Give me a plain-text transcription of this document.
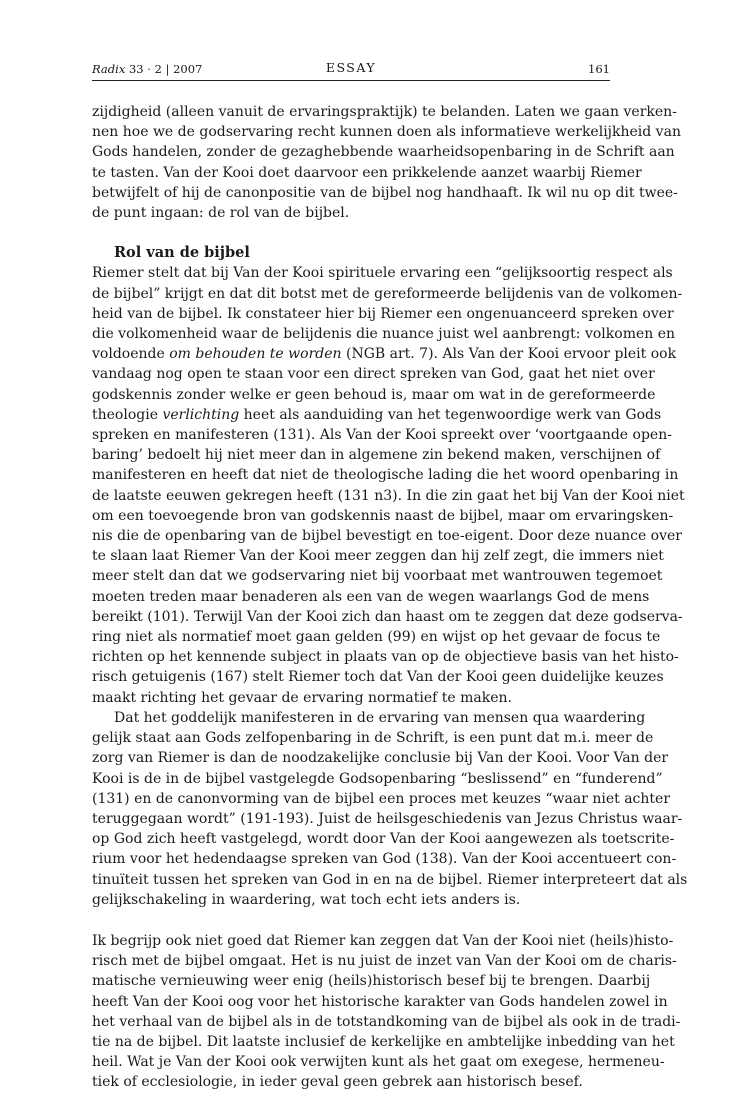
Radix 33 · 2 | 2007	ESSAY	161
zijdigheid (alleen vanuit de ervaringspraktijk) te belanden. Laten we gaan verken-
nen hoe we de godservaring recht kunnen doen als informatieve werkelijkheid van
Gods handelen, zonder de gezaghebbende waarheidsopenbaring in de Schrift aan
te tasten. Van der Kooi doet daarvoor een prikkelende aanzet waarbij Riemer
betwijfelt of hij de canonpositie van de bijbel nog handhaaft. Ik wil nu op dit twee-
de punt ingaan: de rol van de bijbel.
Rol van de bijbel
Riemer stelt dat bij Van der Kooi spirituele ervaring een “gelijksoortig respect als
de bijbel” krijgt en dat dit botst met de gereformeerde belijdenis van de volkomen-
heid van de bijbel. Ik constateer hier bij Riemer een ongenuanceerd spreken over
die volkomenheid waar de belijdenis die nuance juist wel aanbrengt: volkomen en
voldoende om behouden te worden (NGB art. 7). Als Van der Kooi ervoor pleit ook
vandaag nog open te staan voor een direct spreken van God, gaat het niet over
godskennis zonder welke er geen behoud is, maar om wat in de gereformeerde
theologie verlichting heet als aanduiding van het tegenwoordige werk van Gods
spreken en manifesteren (131). Als Van der Kooi spreekt over ‘voortgaande open-
baring’ bedoelt hij niet meer dan in algemene zin bekend maken, verschijnen of
manifesteren en heeft dat niet de theologische lading die het woord openbaring in
de laatste eeuwen gekregen heeft (131 n3). In die zin gaat het bij Van der Kooi niet
om een toevoegende bron van godskennis naast de bijbel, maar om ervaringsken-
nis die de openbaring van de bijbel bevestigt en toe-eigent. Door deze nuance over
te slaan laat Riemer Van der Kooi meer zeggen dan hij zelf zegt, die immers niet
meer stelt dan dat we godservaring niet bij voorbaat met wantrouwen tegemoet
moeten treden maar benaderen als een van de wegen waarlangs God de mens
bereikt (101). Terwijl Van der Kooi zich dan haast om te zeggen dat deze godserva-
ring niet als normatief moet gaan gelden (99) en wijst op het gevaar de focus te
richten op het kennende subject in plaats van op de objectieve basis van het histo-
risch getuigenis (167) stelt Riemer toch dat Van der Kooi geen duidelijke keuzes
maakt richting het gevaar de ervaring normatief te maken.
Dat het goddelijk manifesteren in de ervaring van mensen qua waardering
gelijk staat aan Gods zelfopenbaring in de Schrift, is een punt dat m.i. meer de
zorg van Riemer is dan de noodzakelijke conclusie bij Van der Kooi. Voor Van der
Kooi is de in de bijbel vastgelegde Godsopenbaring “beslissend” en “funderend”
(131) en de canonvorming van de bijbel een proces met keuzes “waar niet achter
teruggegaan wordt” (191-193). Juist de heilsgeschiedenis van Jezus Christus waar-
op God zich heeft vastgelegd, wordt door Van der Kooi aangewezen als toetscrite-
rium voor het hedendaagse spreken van God (138). Van der Kooi accentueert con-
tinuïteit tussen het spreken van God in en na de bijbel. Riemer interpreteert dat als
gelijkschakeling in waardering, wat toch echt iets anders is.
Ik begrijp ook niet goed dat Riemer kan zeggen dat Van der Kooi niet (heils)histo-
risch met de bijbel omgaat. Het is nu juist de inzet van Van der Kooi om de charis-
matische vernieuwing weer enig (heils)historisch besef bij te brengen. Daarbij
heeft Van der Kooi oog voor het historische karakter van Gods handelen zowel in
het verhaal van de bijbel als in de totstandkoming van de bijbel als ook in de tradi-
tie na de bijbel. Dit laatste inclusief de kerkelijke en ambtelijke inbedding van het
heil. Wat je Van der Kooi ook verwijten kunt als het gaat om exegese, hermeneu-
tiek of ecclesiologie, in ieder geval geen gebrek aan historisch besef.
